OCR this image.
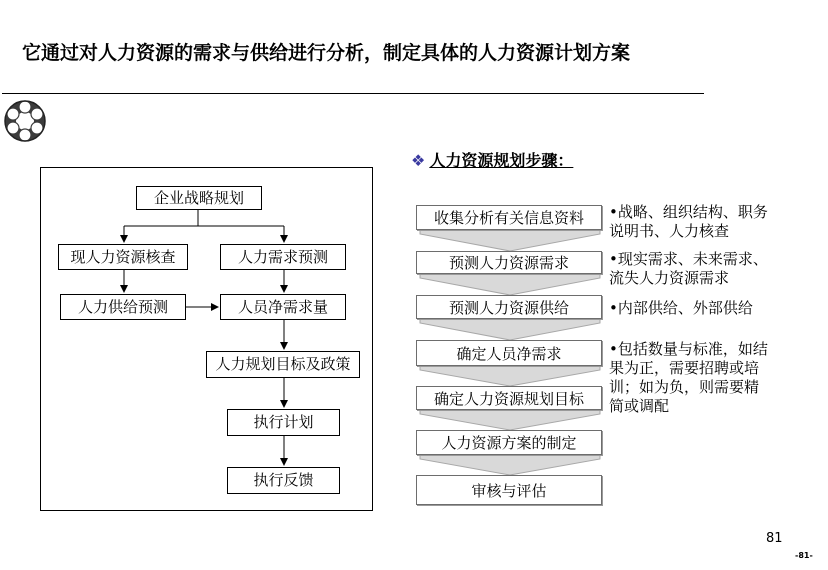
它通过对人力资源的需求与供给进行分析，制定具体的人力资源计划方案
企业战略规划
现人力资源核查	人力需求预测
人力供给预测	人员净需求量
人力规划目标及政策
执行计划
执行反馈
❖ 人力资源规划步骤：
收集分析有关信息资料
预测人力资源需求
预测人力资源供给
确定人员净需求
确定人力资源规划目标
人力资源方案的制定
审核与评估
•战略、组织结构、职务
说明书、人力核查
•现实需求、未来需求、
流失人力资源需求
•内部供给、外部供给
•包括数量与标准，如结
果为正，需要招聘或培
训；如为负，则需要精
简或调配
81
-81-
